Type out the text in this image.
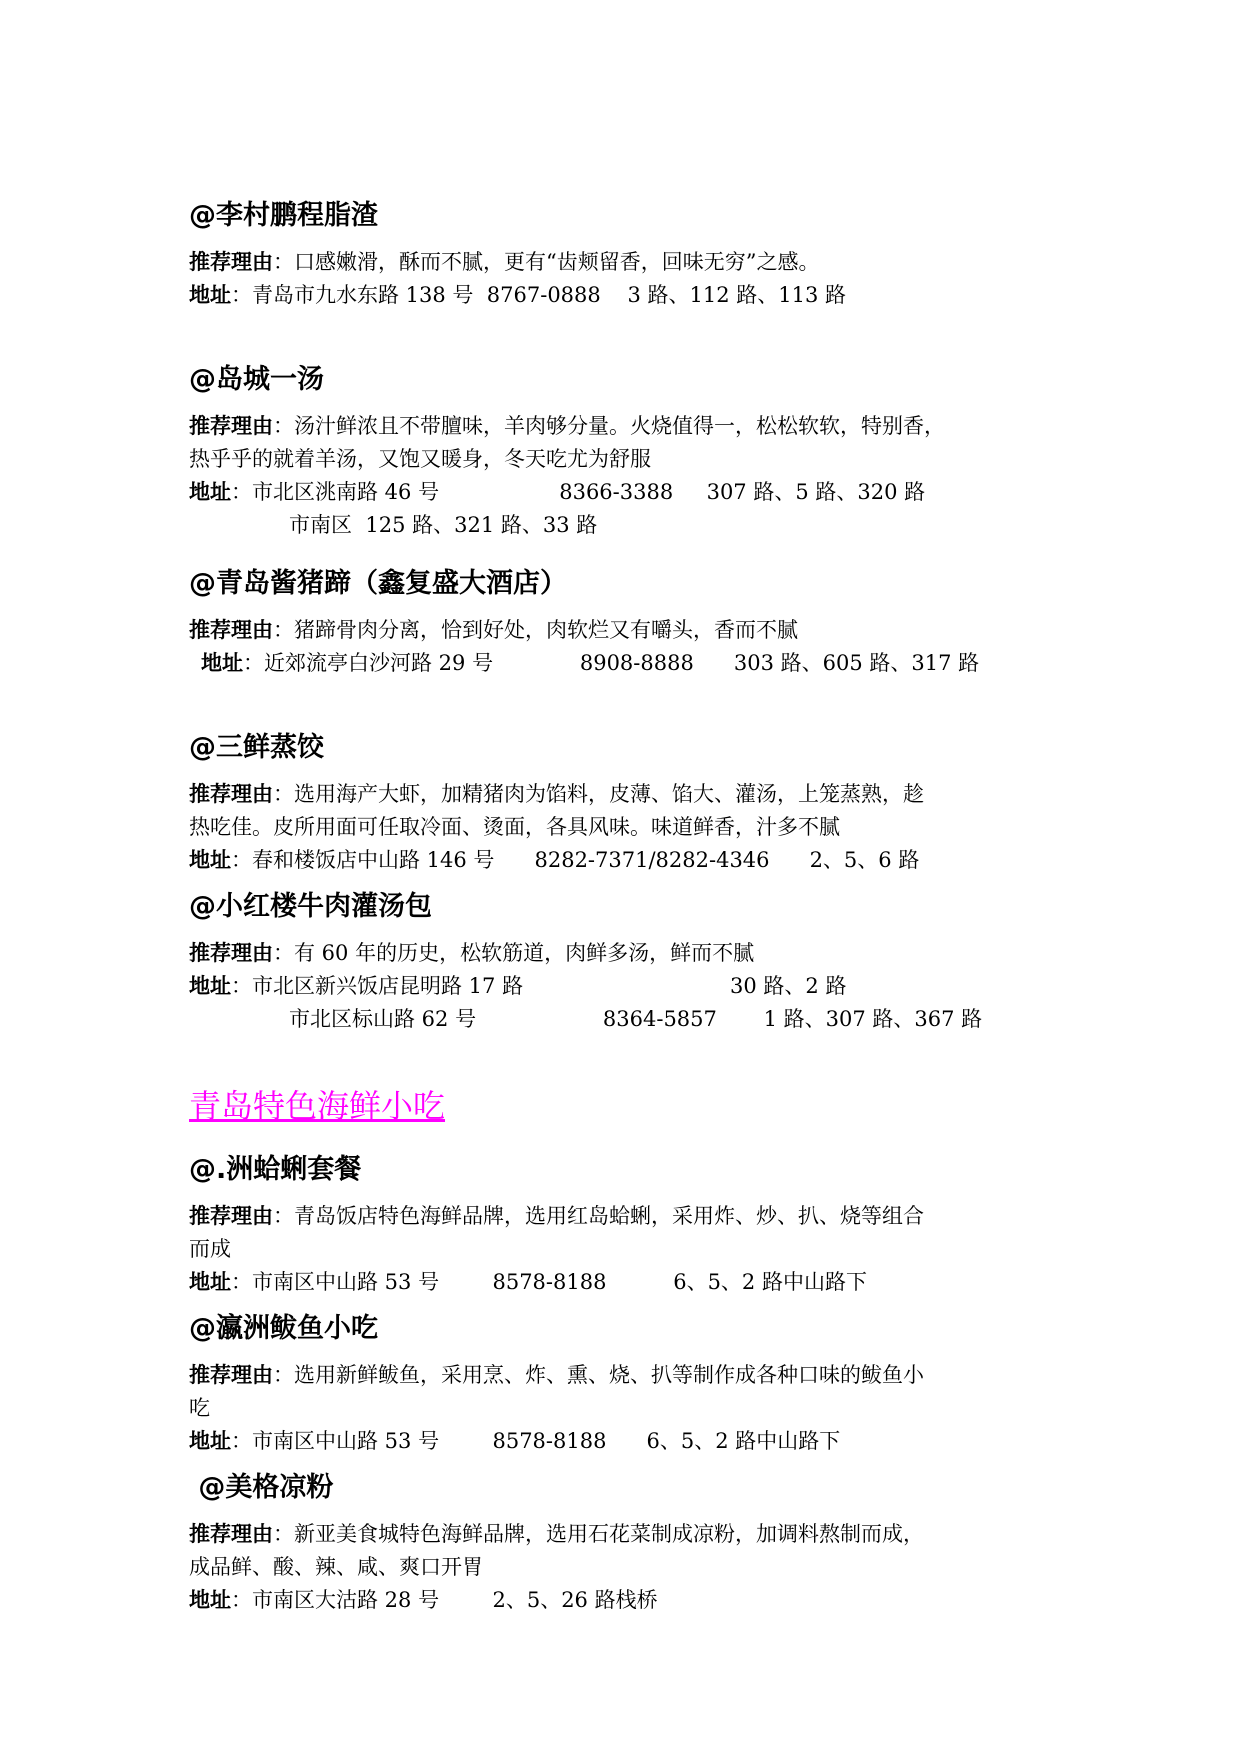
@李村鹏程脂渣

推荐理由：口感嫩滑，酥而不腻，更有“齿颊留香，回味无穷”之感。

地址：青岛市九水东路 138 号  8767-0888    3 路、112 路、113 路

@岛城一汤

推荐理由：汤汁鲜浓且不带膻味，羊肉够分量。火烧值得一，松松软软，特别香，

热乎乎的就着羊汤，又饱又暖身，冬天吃尤为舒服

地址：市北区洮南路 46 号                  8366-3388     307 路、5 路、320 路

市南区  125 路、321 路、33 路

@青岛酱猪蹄（鑫复盛大酒店）

推荐理由：猪蹄骨肉分离，恰到好处，肉软烂又有嚼头，香而不腻

地址：近郊流亭白沙河路 29 号             8908-8888      303 路、605 路、317 路

@三鲜蒸饺

推荐理由：选用海产大虾，加精猪肉为馅料，皮薄、馅大、灌汤，上笼蒸熟，趁

热吃佳。皮所用面可任取冷面、烫面，各具风味。味道鲜香，汁多不腻

地址：春和楼饭店中山路 146 号      8282-7371/8282-4346      2、5、6 路

@小红楼牛肉灌汤包

推荐理由：有 60 年的历史，松软筋道，肉鲜多汤，鲜而不腻

地址：市北区新兴饭店昆明路 17 路                               30 路、2 路

市北区标山路 62 号                   8364-5857       1 路、307 路、367 路

青岛特色海鲜小吃

@.洲蛤蜊套餐

推荐理由：青岛饭店特色海鲜品牌，选用红岛蛤蜊，采用炸、炒、扒、烧等组合

而成

地址：市南区中山路 53 号        8578-8188          6、5、2 路中山路下

@瀛洲鲅鱼小吃

推荐理由：选用新鲜鲅鱼，采用烹、炸、熏、烧、扒等制作成各种口味的鲅鱼小

吃

地址：市南区中山路 53 号        8578-8188      6、5、2 路中山路下

@美格凉粉

推荐理由：新亚美食城特色海鲜品牌，选用石花菜制成凉粉，加调料熬制而成，

成品鲜、酸、辣、咸、爽口开胃

地址：市南区大沽路 28 号        2、5、26 路栈桥
